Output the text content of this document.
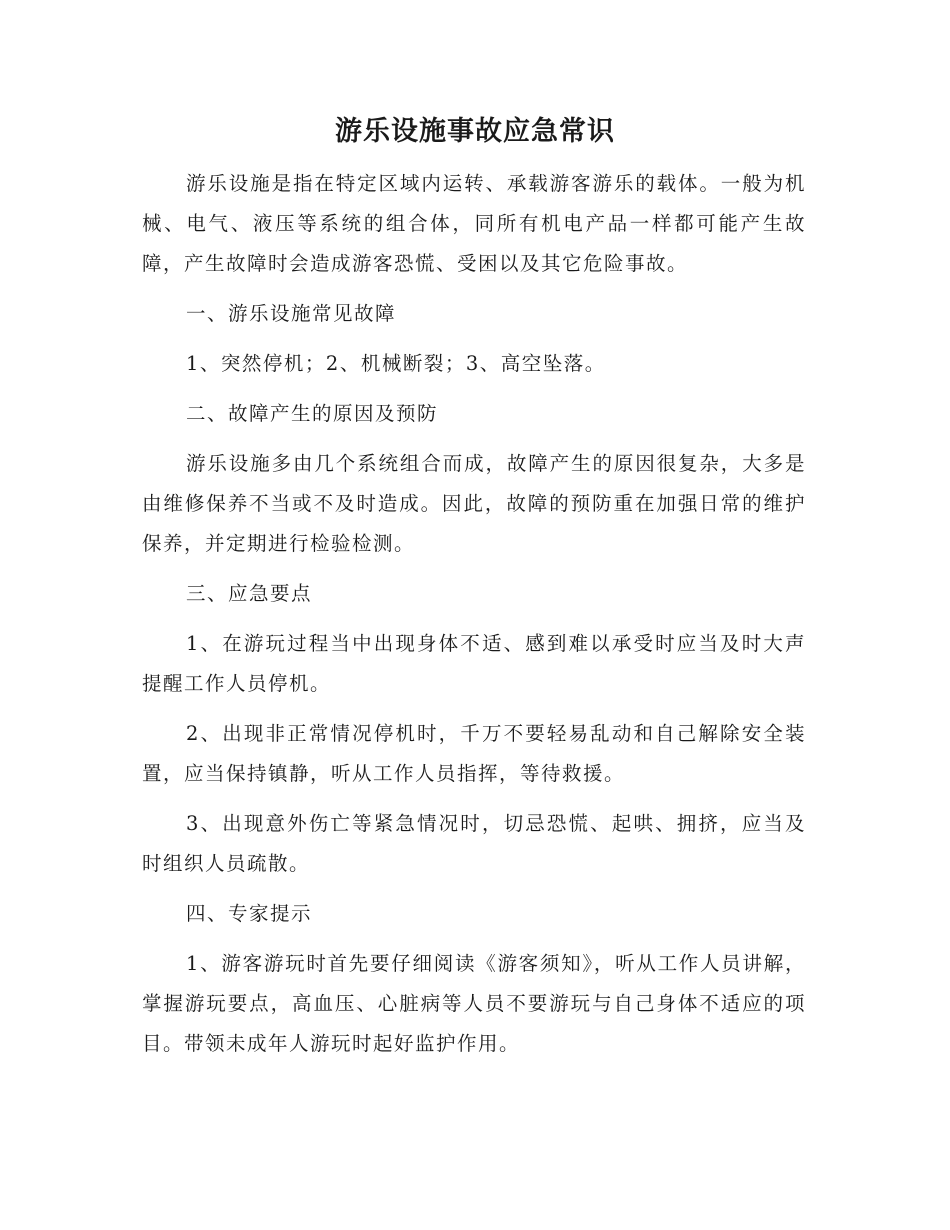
游乐设施事故应急常识

游乐设施是指在特定区域内运转、承载游客游乐的载体。一般为机械、电气、液压等系统的组合体，同所有机电产品一样都可能产生故障，产生故障时会造成游客恐慌、受困以及其它危险事故。

一、游乐设施常见故障

1、突然停机；2、机械断裂；3、高空坠落。

二、故障产生的原因及预防

游乐设施多由几个系统组合而成，故障产生的原因很复杂，大多是由维修保养不当或不及时造成。因此，故障的预防重在加强日常的维护保养，并定期进行检验检测。

三、应急要点

1、在游玩过程当中出现身体不适、感到难以承受时应当及时大声提醒工作人员停机。

2、出现非正常情况停机时，千万不要轻易乱动和自己解除安全装置，应当保持镇静，听从工作人员指挥，等待救援。

3、出现意外伤亡等紧急情况时，切忌恐慌、起哄、拥挤，应当及时组织人员疏散。

四、专家提示

1、游客游玩时首先要仔细阅读《游客须知》，听从工作人员讲解，掌握游玩要点，高血压、心脏病等人员不要游玩与自己身体不适应的项目。带领未成年人游玩时起好监护作用。
